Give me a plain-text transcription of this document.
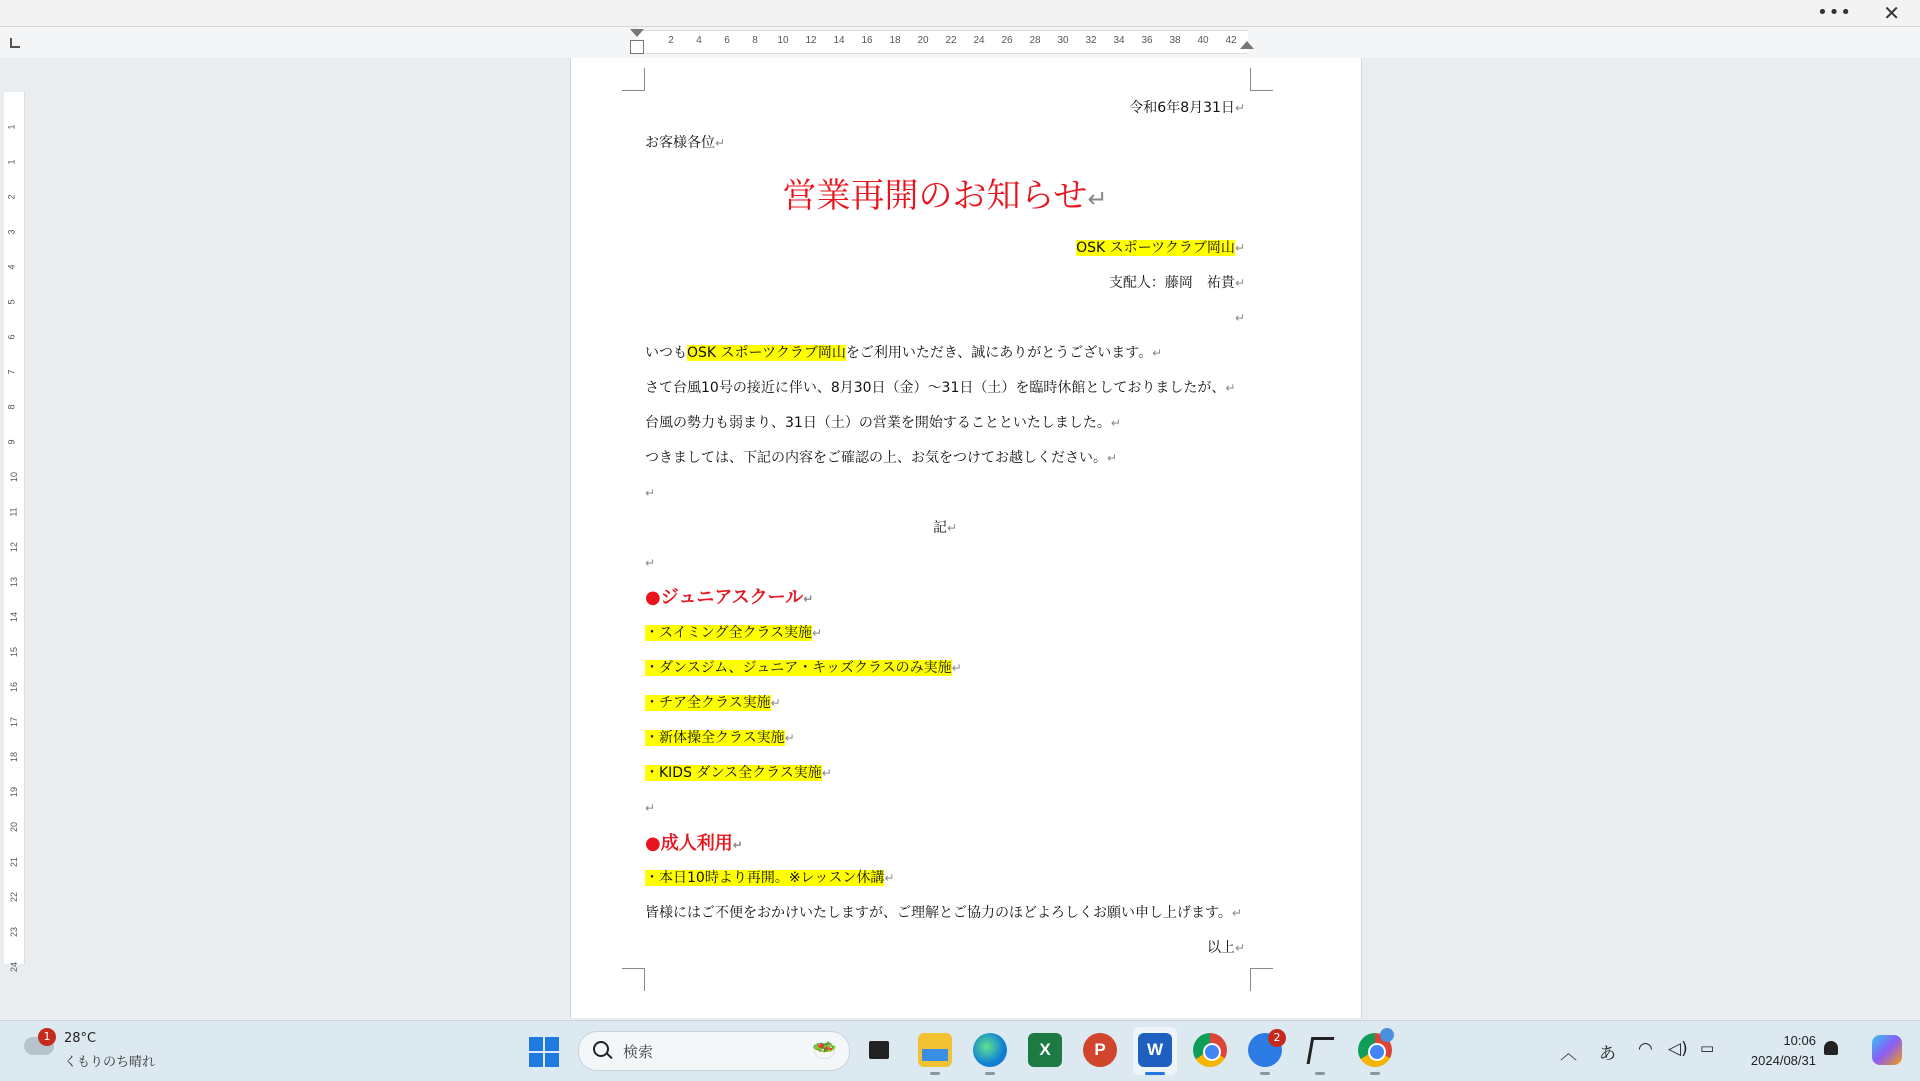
••• ✕
2 4 6 8 10 12 14 16 18 20 22 24 26 28 30 32 34 36 38 40 42
1
1
2
3
4
5
6
7
8
9
10
11
12
13
14
15
16
17
18
19
20
21
22
23
24
令和6年8月31日↵
お客様各位↵
営業再開のお知らせ↵
OSK スポーツクラブ岡山↵
支配人：藤岡　祐貴↵
↵
いつもOSK スポーツクラブ岡山をご利用いただき、誠にありがとうございます。↵
さて台風10号の接近に伴い、8月30日（金）～31日（土）を臨時休館としておりましたが、↵
台風の勢力も弱まり、31日（土）の営業を開始することといたしました。↵
つきましては、下記の内容をご確認の上、お気をつけてお越しください。↵
↵
記↵
↵
●ジュニアスクール↵
・スイミング全クラス実施↵
・ダンスジム、ジュニア・キッズクラスのみ実施↵
・チア全クラス実施↵
・新体操全クラス実施↵
・KIDS ダンス全クラス実施↵
↵
●成人利用↵
・本日10時より再開。※レッスン休講↵
皆様にはご不便をおかけいたしますが、ご理解とご協力のほどよろしくお願い申し上げます。↵
以上↵
1	28°C
くもりのち晴れ
検索	🥗	X	P	W
2
︿ あ ◠ ◁) ▭	10:06
2024/08/31
